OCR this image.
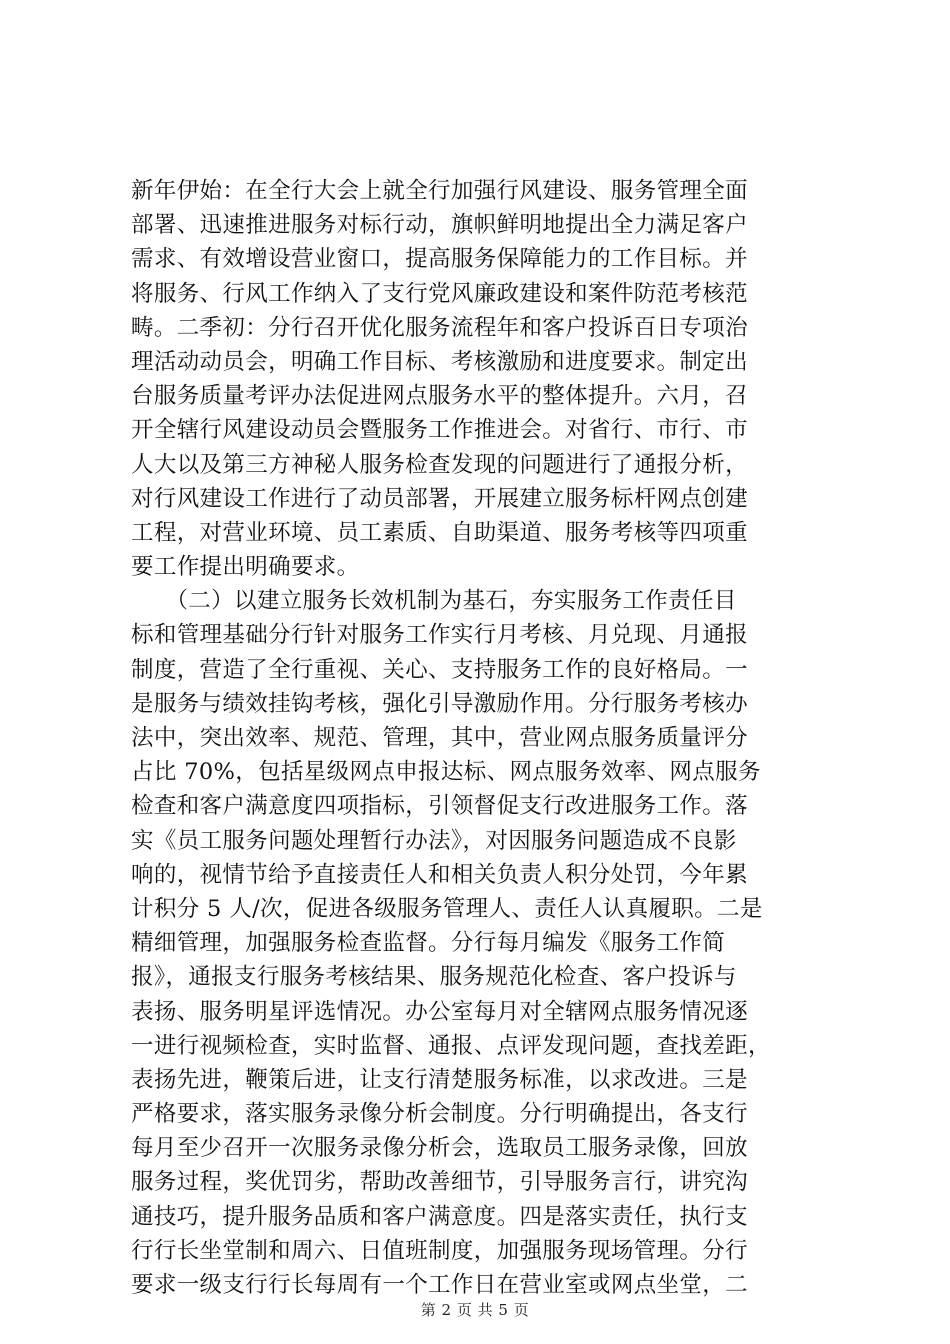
新年伊始：在全行大会上就全行加强行风建设、服务管理全面
部署、迅速推进服务对标行动，旗帜鲜明地提出全力满足客户
需求、有效增设营业窗口，提高服务保障能力的工作目标。并
将服务、行风工作纳入了支行党风廉政建设和案件防范考核范
畴。二季初：分行召开优化服务流程年和客户投诉百日专项治
理活动动员会，明确工作目标、考核激励和进度要求。制定出
台服务质量考评办法促进网点服务水平的整体提升。六月，召
开全辖行风建设动员会暨服务工作推进会。对省行、市行、市
人大以及第三方神秘人服务检查发现的问题进行了通报分析，
对行风建设工作进行了动员部署，开展建立服务标杆网点创建
工程，对营业环境、员工素质、自助渠道、服务考核等四项重
要工作提出明确要求。
　　（二）以建立服务长效机制为基石，夯实服务工作责任目
标和管理基础分行针对服务工作实行月考核、月兑现、月通报
制度，营造了全行重视、关心、支持服务工作的良好格局。一
是服务与绩效挂钩考核，强化引导激励作用。分行服务考核办
法中，突出效率、规范、管理，其中，营业网点服务质量评分
占比 70%，包括星级网点申报达标、网点服务效率、网点服务
检查和客户满意度四项指标，引领督促支行改进服务工作。落
实《员工服务问题处理暂行办法》，对因服务问题造成不良影
响的，视情节给予直接责任人和相关负责人积分处罚，今年累
计积分 5 人/次，促进各级服务管理人、责任人认真履职。二是
精细管理，加强服务检查监督。分行每月编发《服务工作简
报》，通报支行服务考核结果、服务规范化检查、客户投诉与
表扬、服务明星评选情况。办公室每月对全辖网点服务情况逐
一进行视频检查，实时监督、通报、点评发现问题，查找差距，
表扬先进，鞭策后进，让支行清楚服务标准，以求改进。三是
严格要求，落实服务录像分析会制度。分行明确提出，各支行
每月至少召开一次服务录像分析会，选取员工服务录像，回放
服务过程，奖优罚劣，帮助改善细节，引导服务言行，讲究沟
通技巧，提升服务品质和客户满意度。四是落实责任，执行支
行行长坐堂制和周六、日值班制度，加强服务现场管理。分行
要求一级支行行长每周有一个工作日在营业室或网点坐堂，二
第 2 页 共 5 页
